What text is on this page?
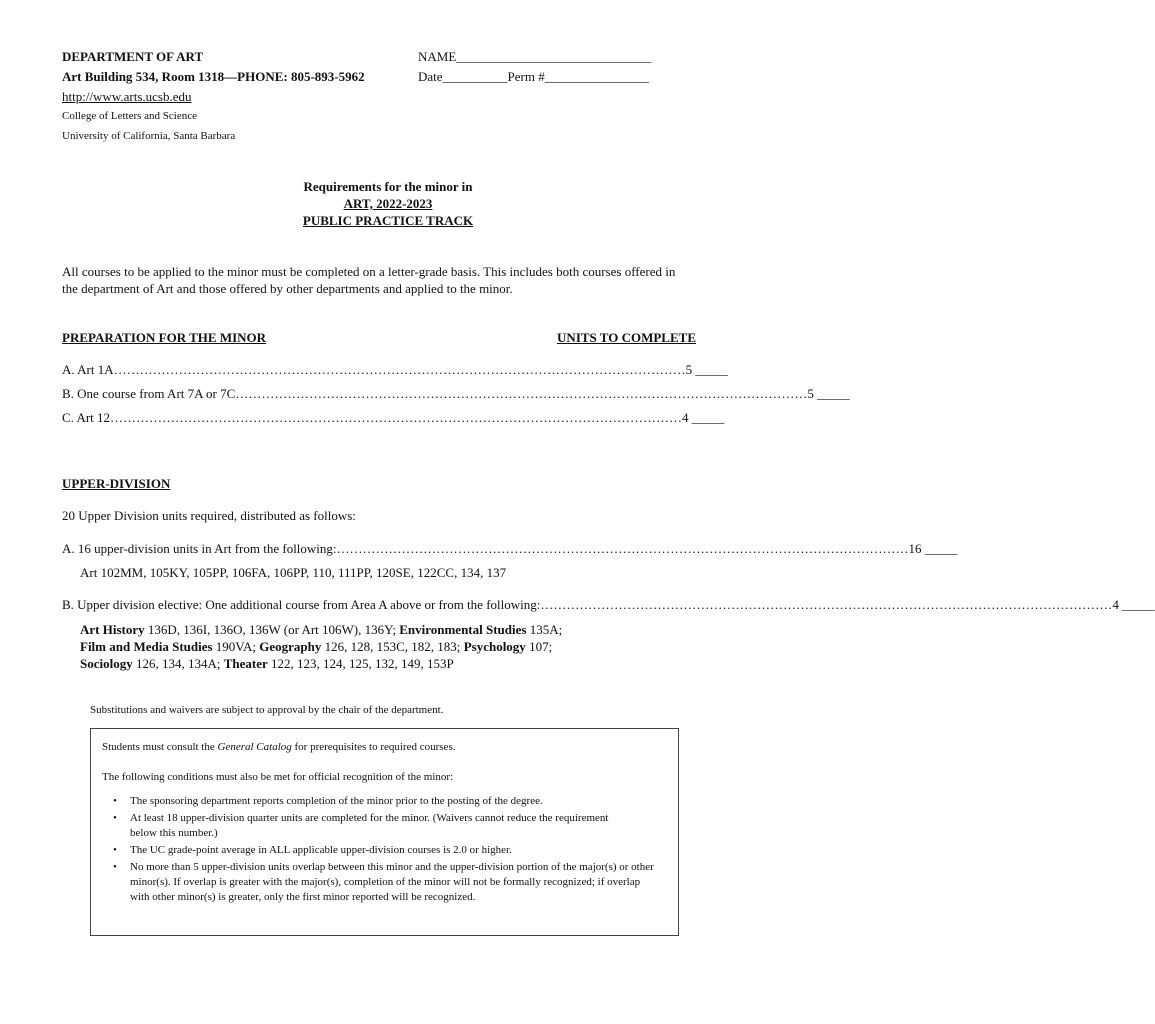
DEPARTMENT OF ART
Art Building 534, Room 1318—PHONE: 805-893-5962
http://www.arts.ucsb.edu
College of Letters and Science
University of California, Santa Barbara
NAME______________________________
Date__________Perm #________________
Requirements for the minor in
ART, 2022-2023
PUBLIC PRACTICE TRACK
All courses to be applied to the minor must be completed on a letter-grade basis. This includes both courses offered in the department of Art and those offered by other departments and applied to the minor.
PREPARATION FOR THE MINOR	UNITS TO COMPLETE
A. Art 1A …………………………………………………………………………………………………………………… 5 _____
B. One course from Art 7A or 7C …………………………………………………………………………………………………………………… 5 _____
C. Art 12 …………………………………………………………………………………………………………………… 4 _____
UPPER-DIVISION
20 Upper Division units required, distributed as follows:
A. 16 upper-division units in Art from the following: …………………………………………………………………………………………………………………… 16 _____
Art 102MM, 105KY, 105PP, 106FA, 106PP, 110, 111PP, 120SE, 122CC, 134, 137
B. Upper division elective: One additional course from Area A above or from the following: …………………………………………………………………………………………………………………… 4 _____
Art History 136D, 136I, 136O, 136W (or Art 106W), 136Y; Environmental Studies 135A;
Film and Media Studies 190VA; Geography 126, 128, 153C, 182, 183; Psychology 107;
Sociology 126, 134, 134A; Theater 122, 123, 124, 125, 132, 149, 153P
Substitutions and waivers are subject to approval by the chair of the department.
Students must consult the General Catalog for prerequisites to required courses.
The following conditions must also be met for official recognition of the minor:
• The sponsoring department reports completion of the minor prior to the posting of the degree.
• At least 18 upper-division quarter units are completed for the minor. (Waivers cannot reduce the requirement below this number.)
• The UC grade-point average in ALL applicable upper-division courses is 2.0 or higher.
• No more than 5 upper-division units overlap between this minor and the upper-division portion of the major(s) or other minor(s). If overlap is greater with the major(s), completion of the minor will not be formally recognized; if overlap with other minor(s) is greater, only the first minor reported will be recognized.
